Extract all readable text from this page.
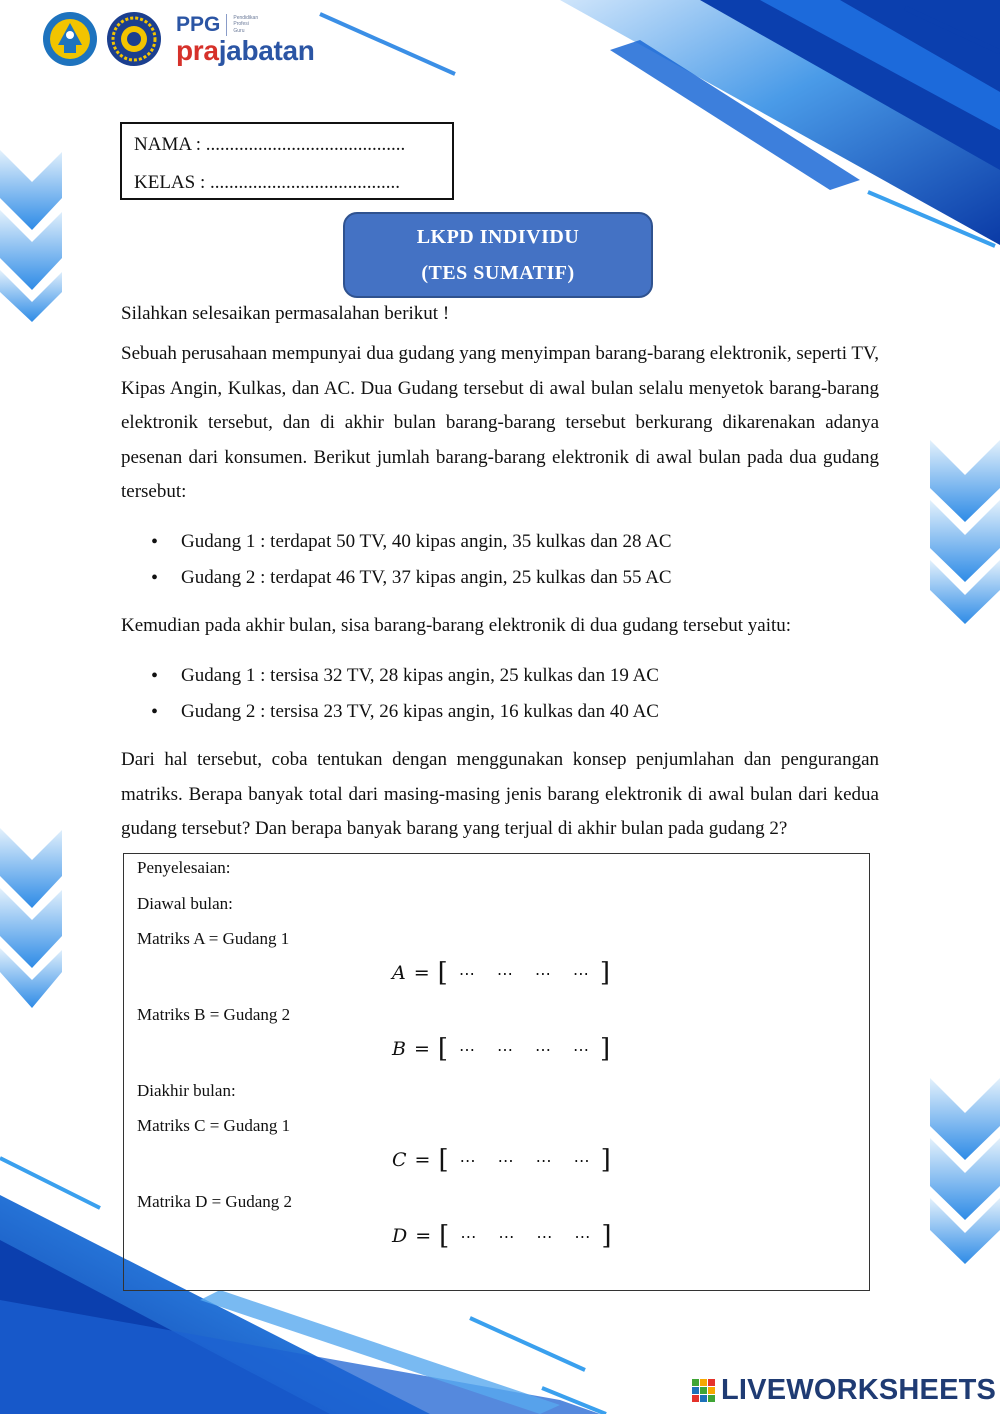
PPG	Pendidikan
Profesi
Guru
prajabatan
NAMA : ..........................................
KELAS : ........................................
LKPD INDIVIDU
(TES SUMATIF)

Silahkan selesaikan permasalahan berikut !

Sebuah perusahaan mempunyai dua gudang yang menyimpan barang-barang elektronik, seperti TV, Kipas Angin, Kulkas, dan AC. Dua Gudang tersebut di awal bulan selalu menyetok barang-barang elektronik tersebut, dan di akhir bulan barang-barang tersebut berkurang dikarenakan adanya pesenan dari konsumen. Berikut jumlah barang-barang elektronik di awal bulan pada dua gudang tersebut:

• Gudang 1 : terdapat 50 TV, 40 kipas angin, 35 kulkas dan 28 AC
• Gudang 2 : terdapat 46 TV, 37 kipas angin, 25 kulkas dan 55 AC

Kemudian pada akhir bulan, sisa barang-barang elektronik di dua gudang tersebut yaitu:

• Gudang 1 : tersisa 32 TV, 28 kipas angin, 25 kulkas dan 19 AC
• Gudang 2 : tersisa 23 TV, 26 kipas angin, 16 kulkas dan 40 AC

Dari hal tersebut, coba tentukan dengan menggunakan konsep penjumlahan dan pengurangan matriks. Berapa banyak total dari masing-masing jenis barang elektronik di awal bulan dari kedua gudang tersebut? Dan berapa banyak barang yang terjual di akhir bulan pada gudang 2?

Penyelesaian:
Diawal bulan:
Matriks A = Gudang 1
A = [ ⋯	⋯	⋯	⋯ ]
Matriks B = Gudang 2
B = [ ⋯	⋯	⋯	⋯ ]
Diakhir bulan:
Matriks C = Gudang 1
C = [ ⋯	⋯	⋯	⋯ ]
Matrika D = Gudang 2
D = [ ⋯	⋯	⋯	⋯ ]
LIVEWORKSHEETS
